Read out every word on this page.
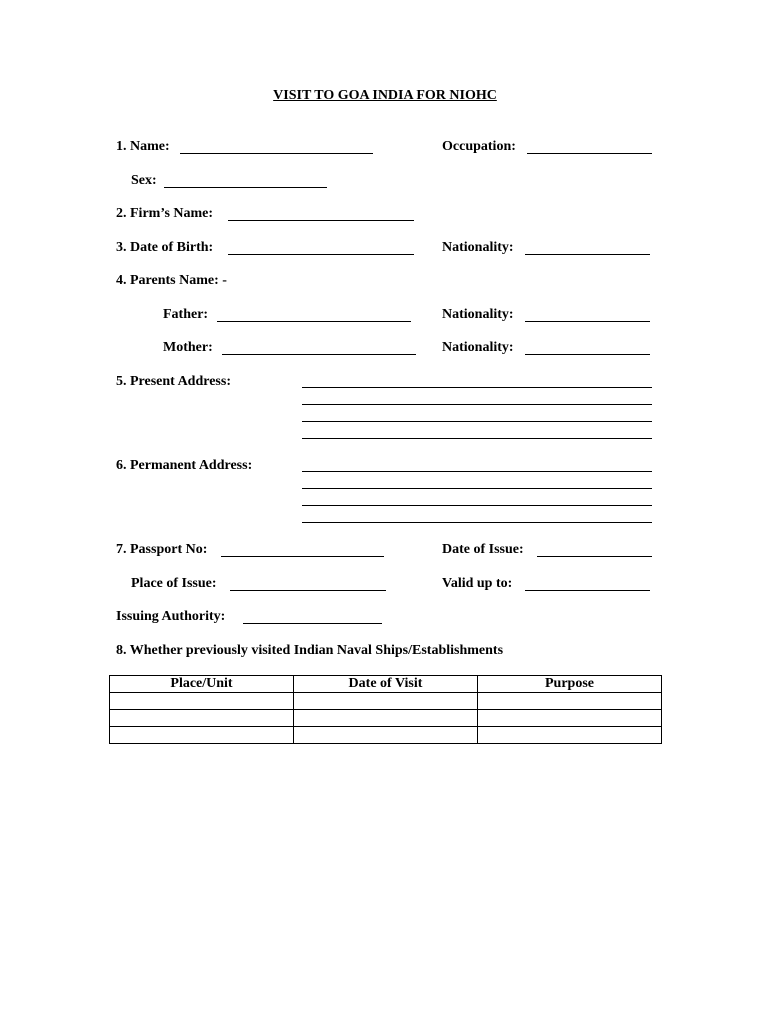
VISIT TO GOA INDIA FOR NIOHC
1. Name:	Occupation:
Sex:
2. Firm’s Name:
3. Date of Birth:	Nationality:
4. Parents Name: -
Father:	Nationality:
Mother:	Nationality:
5. Present Address:
6. Permanent Address:
7. Passport No:	Date of Issue:
Place of Issue:	Valid up to:
Issuing Authority:
8. Whether previously visited Indian Naval Ships/Establishments
Place/Unit	Date of Visit	Purpose
